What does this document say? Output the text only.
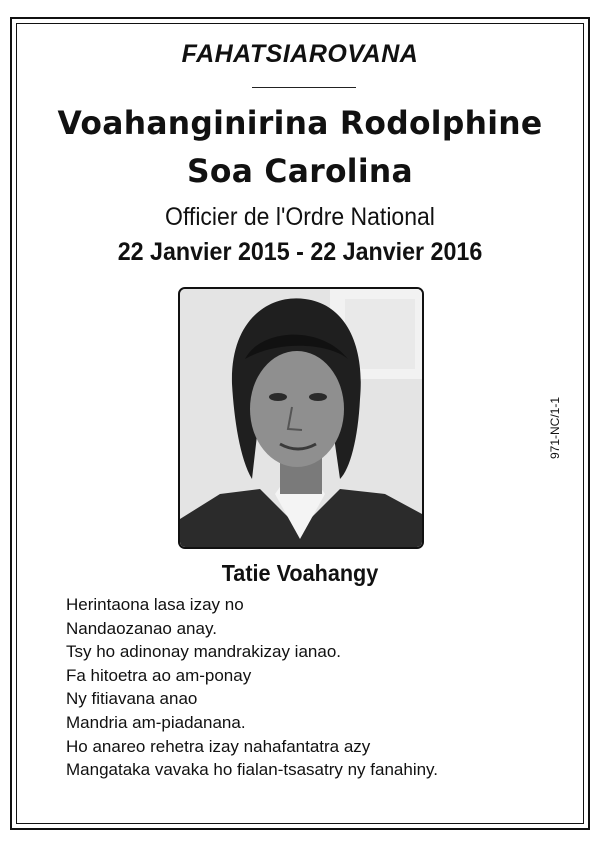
FAHATSIAROVANA
Voahanginirina Rodolphine
Soa Carolina
Officier de l'Ordre National
22 Janvier 2015 - 22 Janvier 2016
Tatie Voahangy
Herintaona lasa izay no
Nandaozanao anay.
Tsy ho adinonay mandrakizay ianao.
Fa hitoetra ao am-ponay
Ny fitiavana anao
Mandria am-piadanana.
Ho anareo rehetra izay nahafantatra azy
Mangataka vavaka ho fialan-tsasatry ny fanahiny.
971-NC/1-1
